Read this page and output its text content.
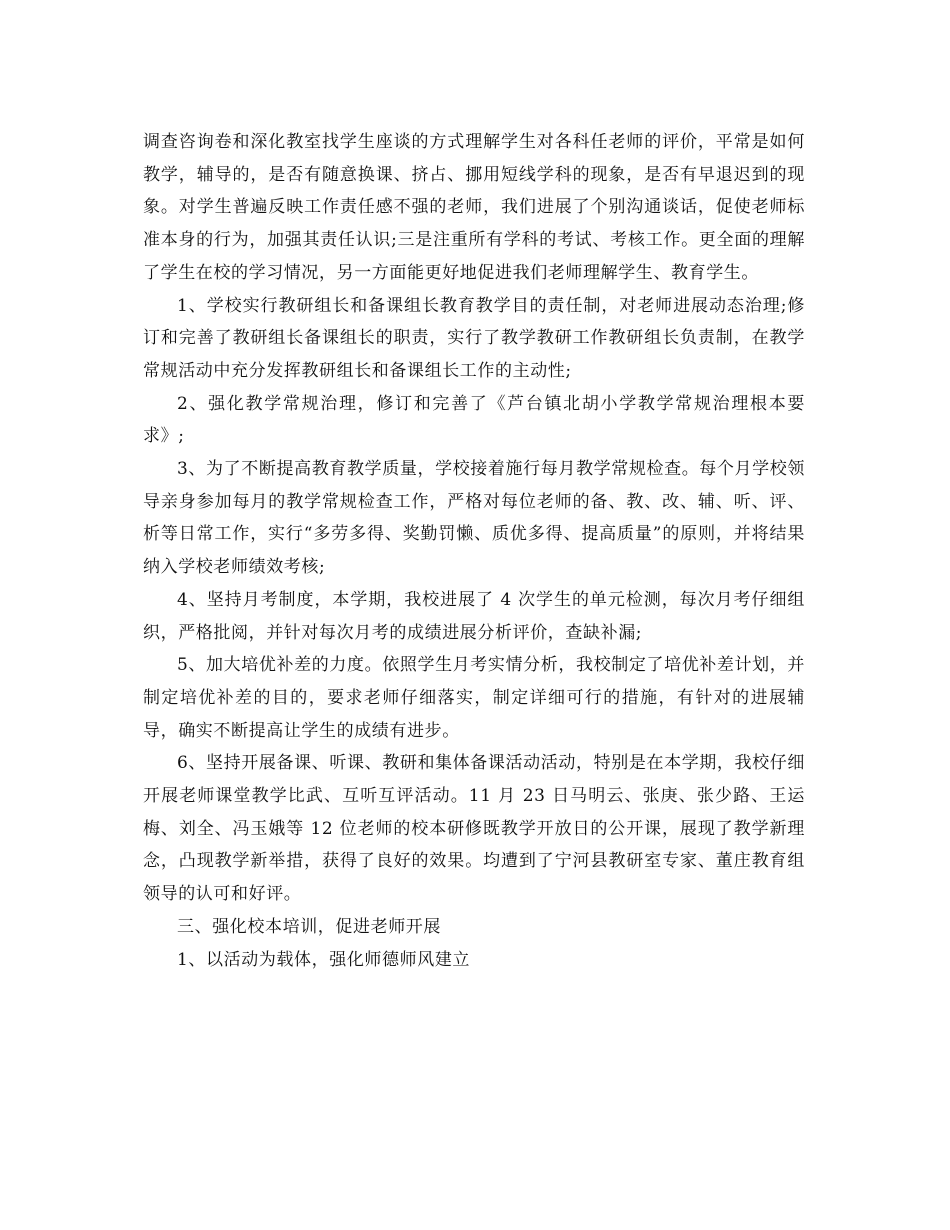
调查咨询卷和深化教室找学生座谈的方式理解学生对各科任老师的评价，平常是如何教学，辅导的，是否有随意换课、挤占、挪用短线学科的现象，是否有早退迟到的现象。对学生普遍反映工作责任感不强的老师，我们进展了个别沟通谈话，促使老师标准本身的行为，加强其责任认识;三是注重所有学科的考试、考核工作。更全面的理解了学生在校的学习情况，另一方面能更好地促进我们老师理解学生、教育学生。

1、学校实行教研组长和备课组长教育教学目的责任制，对老师进展动态治理;修订和完善了教研组长备课组长的职责，实行了教学教研工作教研组长负责制，在教学常规活动中充分发挥教研组长和备课组长工作的主动性;

2、强化教学常规治理，修订和完善了《芦台镇北胡小学教学常规治理根本要求》;

3、为了不断提高教育教学质量，学校接着施行每月教学常规检查。每个月学校领导亲身参加每月的教学常规检查工作，严格对每位老师的备、教、改、辅、听、评、析等日常工作，实行“多劳多得、奖勤罚懒、质优多得、提高质量”的原则，并将结果纳入学校老师绩效考核;

4、坚持月考制度，本学期，我校进展了 4 次学生的单元检测，每次月考仔细组织，严格批阅，并针对每次月考的成绩进展分析评价，查缺补漏;

5、加大培优补差的力度。依照学生月考实情分析，我校制定了培优补差计划，并制定培优补差的目的，要求老师仔细落实，制定详细可行的措施，有针对的进展辅导，确实不断提高让学生的成绩有进步。

6、坚持开展备课、听课、教研和集体备课活动活动，特别是在本学期，我校仔细开展老师课堂教学比武、互听互评活动。11 月 23 日马明云、张庚、张少路、王运梅、刘全、冯玉娥等 12 位老师的校本研修既教学开放日的公开课，展现了教学新理念，凸现教学新举措，获得了良好的效果。均遭到了宁河县教研室专家、董庄教育组领导的认可和好评。

三、强化校本培训，促进老师开展

1、以活动为载体，强化师德师风建立
